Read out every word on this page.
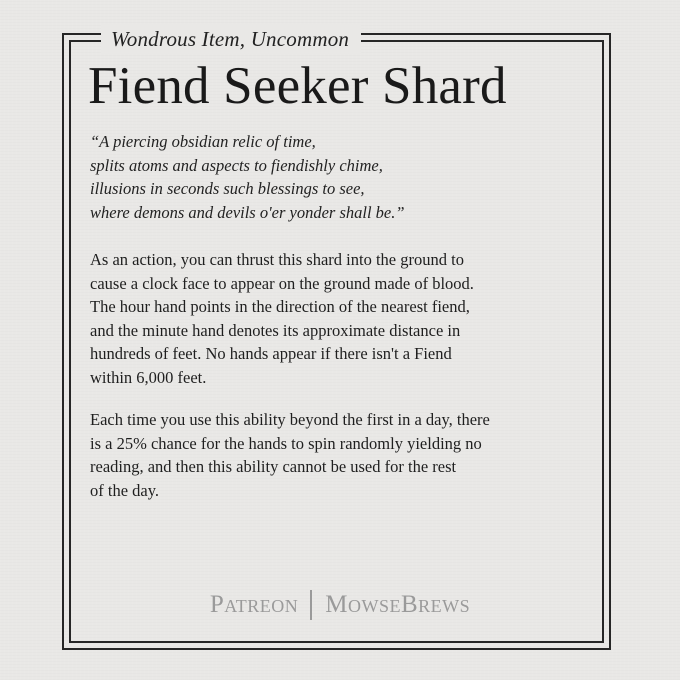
Wondrous Item, Uncommon
Fiend Seeker Shard
“A piercing obsidian relic of time,
splits atoms and aspects to fiendishly chime,
illusions in seconds such blessings to see,
where demons and devils o'er yonder shall be.”
As an action, you can thrust this shard into the ground to
cause a clock face to appear on the ground made of blood.
The hour hand points in the direction of the nearest fiend,
and the minute hand denotes its approximate distance in
hundreds of feet. No hands appear if there isn't a Fiend
within 6,000 feet.
Each time you use this ability beyond the first in a day, there
is a 25% chance for the hands to spin randomly yielding no
reading, and then this ability cannot be used for the rest
of the day.
Patreon MowseBrews
